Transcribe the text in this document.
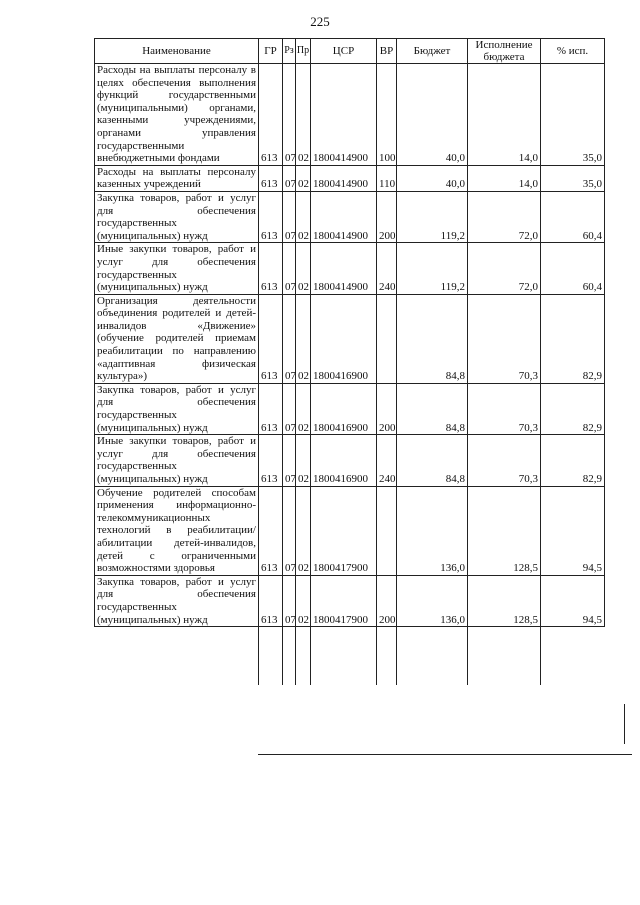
225
Наименование	ГР	Рз	Пр	ЦСР	ВР	Бюджет	Исполнение бюджета	% исп.
Расходы на выплаты персоналу в целях обеспечения выполнения функций государственными (муниципальными) органами, казенными учреждениями, органами управления государственными внебюджетными фондами	613	07	02	1800414900	100	40,0	14,0	35,0
Расходы на выплаты персоналу казенных учреждений	613	07	02	1800414900	110	40,0	14,0	35,0
Закупка товаров, работ и услуг для обеспечения государственных (муниципальных) нужд	613	07	02	1800414900	200	119,2	72,0	60,4
Иные закупки товаров, работ и услуг для обеспечения государственных (муниципальных) нужд	613	07	02	1800414900	240	119,2	72,0	60,4
Организация деятельности объединения родителей и детей-инвалидов «Движение» (обучение родителей приемам реабилитации по направлению «адаптивная физическая культура»)	613	07	02	1800416900		84,8	70,3	82,9
Закупка товаров, работ и услуг для обеспечения государственных (муниципальных) нужд	613	07	02	1800416900	200	84,8	70,3	82,9
Иные закупки товаров, работ и услуг для обеспечения государственных (муниципальных) нужд	613	07	02	1800416900	240	84,8	70,3	82,9
Обучение родителей способам применения информационно-телекоммуникационных технологий в реабилитации/абилитации детей-инвалидов, детей с ограниченными возможностями здоровья	613	07	02	1800417900		136,0	128,5	94,5
Закупка товаров, работ и услуг для обеспечения государственных (муниципальных) нужд	613	07	02	1800417900	200	136,0	128,5	94,5
